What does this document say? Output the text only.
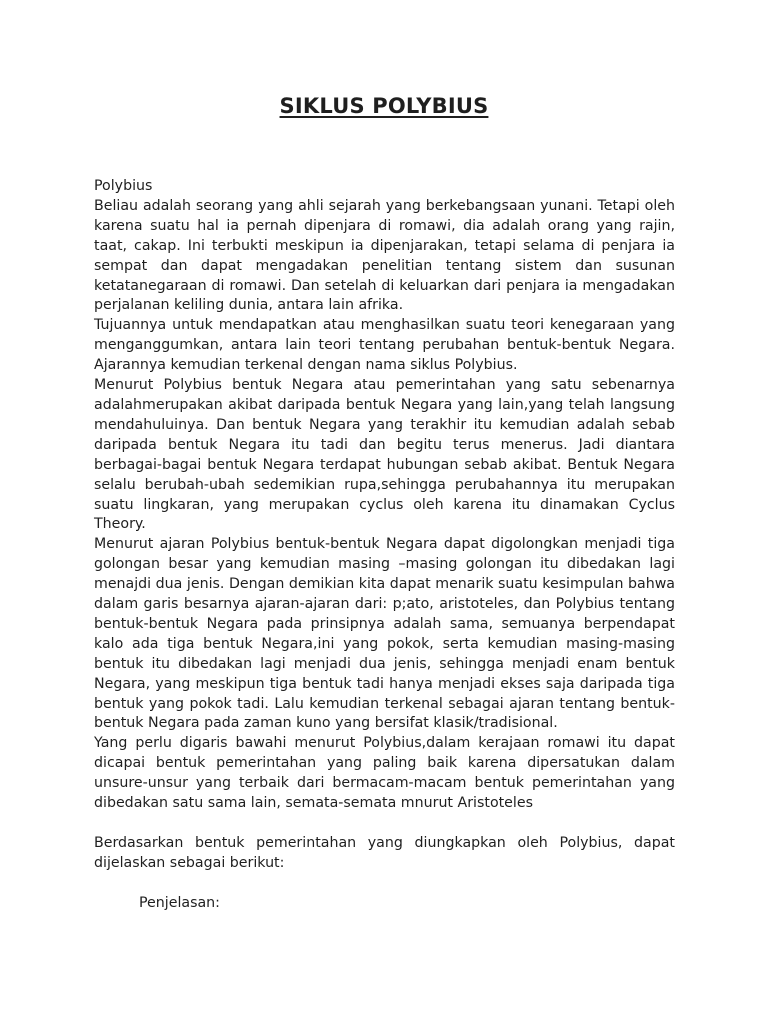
SIKLUS POLYBIUS

Polybius

Beliau adalah seorang yang ahli sejarah yang berkebangsaan yunani. Tetapi oleh karena suatu hal ia pernah dipenjara di romawi, dia adalah orang yang rajin, taat, cakap. Ini terbukti meskipun ia dipenjarakan, tetapi selama di penjara ia sempat dan dapat mengadakan penelitian tentang sistem dan susunan ketatanegaraan di romawi. Dan setelah di keluarkan dari penjara ia mengadakan perjalanan keliling dunia, antara lain afrika.

Tujuannya untuk mendapatkan atau menghasilkan suatu teori kenegaraan yang menganggumkan, antara lain teori tentang perubahan bentuk-bentuk Negara. Ajarannya kemudian terkenal dengan nama siklus Polybius.

Menurut Polybius bentuk Negara atau pemerintahan yang satu sebenarnya adalahmerupakan akibat daripada bentuk Negara yang lain,yang telah langsung mendahuluinya. Dan bentuk Negara yang terakhir itu kemudian adalah sebab daripada bentuk Negara itu tadi dan begitu terus menerus. Jadi diantara berbagai-bagai bentuk Negara terdapat hubungan sebab akibat. Bentuk Negara selalu berubah-ubah sedemikian rupa,sehingga perubahannya itu merupakan suatu lingkaran, yang merupakan cyclus oleh karena itu dinamakan Cyclus Theory.

Menurut ajaran Polybius bentuk-bentuk Negara dapat digolongkan menjadi tiga golongan besar yang kemudian masing –masing golongan itu dibedakan lagi menajdi dua jenis. Dengan demikian kita dapat menarik suatu kesimpulan bahwa dalam garis besarnya ajaran-ajaran dari: p;ato, aristoteles, dan Polybius tentang bentuk-bentuk Negara pada prinsipnya adalah sama, semuanya berpendapat kalo ada tiga bentuk Negara,ini yang pokok, serta kemudian masing-masing bentuk itu dibedakan lagi menjadi dua jenis, sehingga menjadi enam bentuk Negara, yang meskipun tiga bentuk tadi hanya menjadi ekses saja daripada tiga bentuk yang pokok tadi. Lalu kemudian terkenal sebagai ajaran tentang bentuk-bentuk Negara pada zaman kuno yang bersifat klasik/tradisional.

Yang perlu digaris bawahi menurut Polybius,dalam kerajaan romawi itu dapat dicapai bentuk pemerintahan yang paling baik karena dipersatukan dalam unsure-unsur yang terbaik dari bermacam-macam bentuk pemerintahan yang dibedakan satu sama lain, semata-semata mnurut Aristoteles

Berdasarkan bentuk pemerintahan yang diungkapkan oleh Polybius, dapat dijelaskan sebagai berikut:

Penjelasan:
